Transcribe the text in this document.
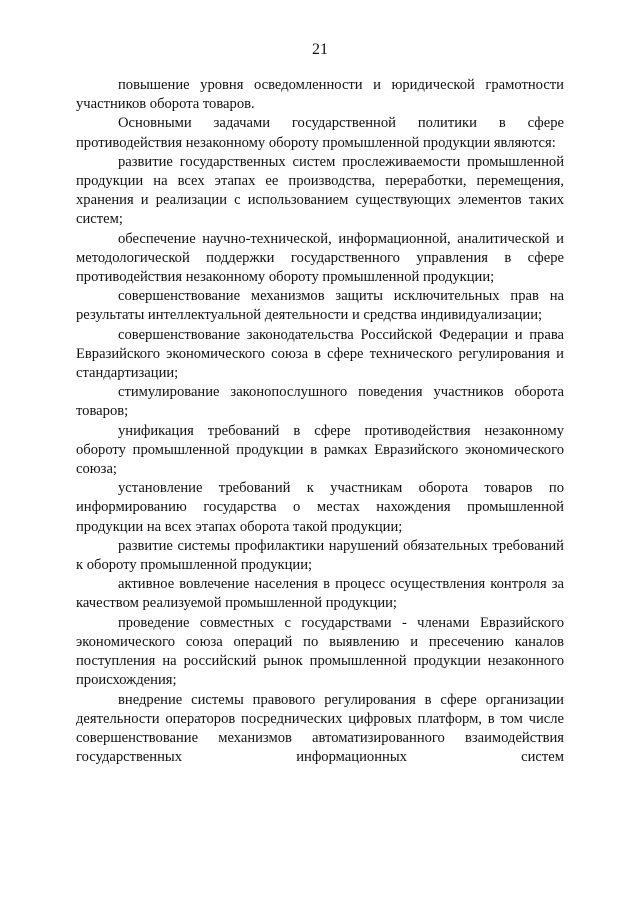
21

повышение уровня осведомленности и юридической грамотности участников оборота товаров.

Основными задачами государственной политики в сфере противодействия незаконному обороту промышленной продукции являются:

развитие государственных систем прослеживаемости промышленной продукции на всех этапах ее производства, переработки, перемещения, хранения и реализации с использованием существующих элементов таких систем;

обеспечение научно-технической, информационной, аналитической и методологической поддержки государственного управления в сфере противодействия незаконному обороту промышленной продукции;

совершенствование механизмов защиты исключительных прав на результаты интеллектуальной деятельности и средства индивидуализации;

совершенствование законодательства Российской Федерации и права Евразийского экономического союза в сфере технического регулирования и стандартизации;

стимулирование законопослушного поведения участников оборота товаров;

унификация требований в сфере противодействия незаконному обороту промышленной продукции в рамках Евразийского экономического союза;

установление требований к участникам оборота товаров по информированию государства о местах нахождения промышленной продукции на всех этапах оборота такой продукции;

развитие системы профилактики нарушений обязательных требований к обороту промышленной продукции;

активное вовлечение населения в процесс осуществления контроля за качеством реализуемой промышленной продукции;

проведение совместных с государствами - членами Евразийского экономического союза операций по выявлению и пресечению каналов поступления на российский рынок промышленной продукции незаконного происхождения;

внедрение системы правового регулирования в сфере организации деятельности операторов посреднических цифровых платформ, в том числе совершенствование механизмов автоматизированного взаимодействия государственных информационных систем
